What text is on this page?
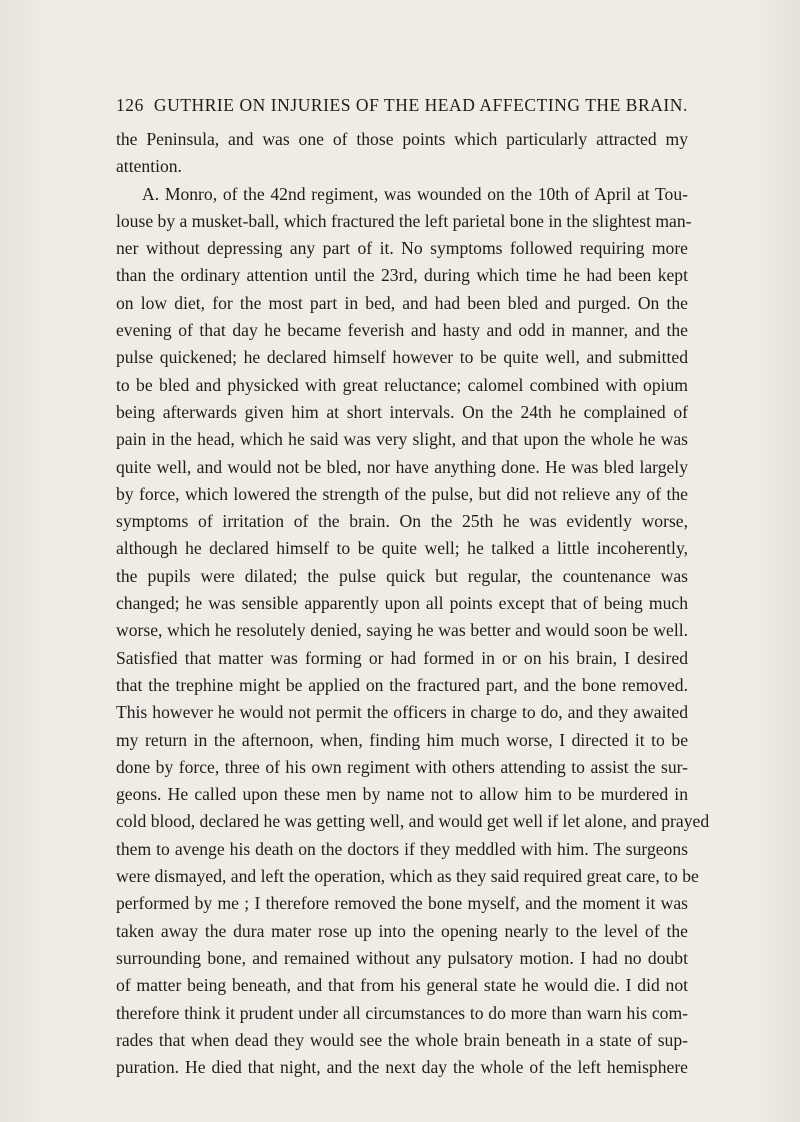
126 GUTHRIE ON INJURIES OF THE HEAD AFFECTING THE BRAIN.
the Peninsula, and was one of those points which particularly attracted my
attention.
A. Monro, of the 42nd regiment, was wounded on the 10th of April at Tou-
louse by a musket-ball, which fractured the left parietal bone in the slightest man-
ner without depressing any part of it. No symptoms followed requiring more
than the ordinary attention until the 23rd, during which time he had been kept
on low diet, for the most part in bed, and had been bled and purged. On the
evening of that day he became feverish and hasty and odd in manner, and the
pulse quickened; he declared himself however to be quite well, and submitted
to be bled and physicked with great reluctance; calomel combined with opium
being afterwards given him at short intervals. On the 24th he complained of
pain in the head, which he said was very slight, and that upon the whole he was
quite well, and would not be bled, nor have anything done. He was bled largely
by force, which lowered the strength of the pulse, but did not relieve any of the
symptoms of irritation of the brain. On the 25th he was evidently worse,
although he declared himself to be quite well; he talked a little incoherently,
the pupils were dilated; the pulse quick but regular, the countenance was
changed; he was sensible apparently upon all points except that of being much
worse, which he resolutely denied, saying he was better and would soon be well.
Satisfied that matter was forming or had formed in or on his brain, I desired
that the trephine might be applied on the fractured part, and the bone removed.
This however he would not permit the officers in charge to do, and they awaited
my return in the afternoon, when, finding him much worse, I directed it to be
done by force, three of his own regiment with others attending to assist the sur-
geons. He called upon these men by name not to allow him to be murdered in
cold blood, declared he was getting well, and would get well if let alone, and prayed
them to avenge his death on the doctors if they meddled with him. The surgeons
were dismayed, and left the operation, which as they said required great care, to be
performed by me ; I therefore removed the bone myself, and the moment it was
taken away the dura mater rose up into the opening nearly to the level of the
surrounding bone, and remained without any pulsatory motion. I had no doubt
of matter being beneath, and that from his general state he would die. I did not
therefore think it prudent under all circumstances to do more than warn his com-
rades that when dead they would see the whole brain beneath in a state of sup-
puration. He died that night, and the next day the whole of the left hemisphere
